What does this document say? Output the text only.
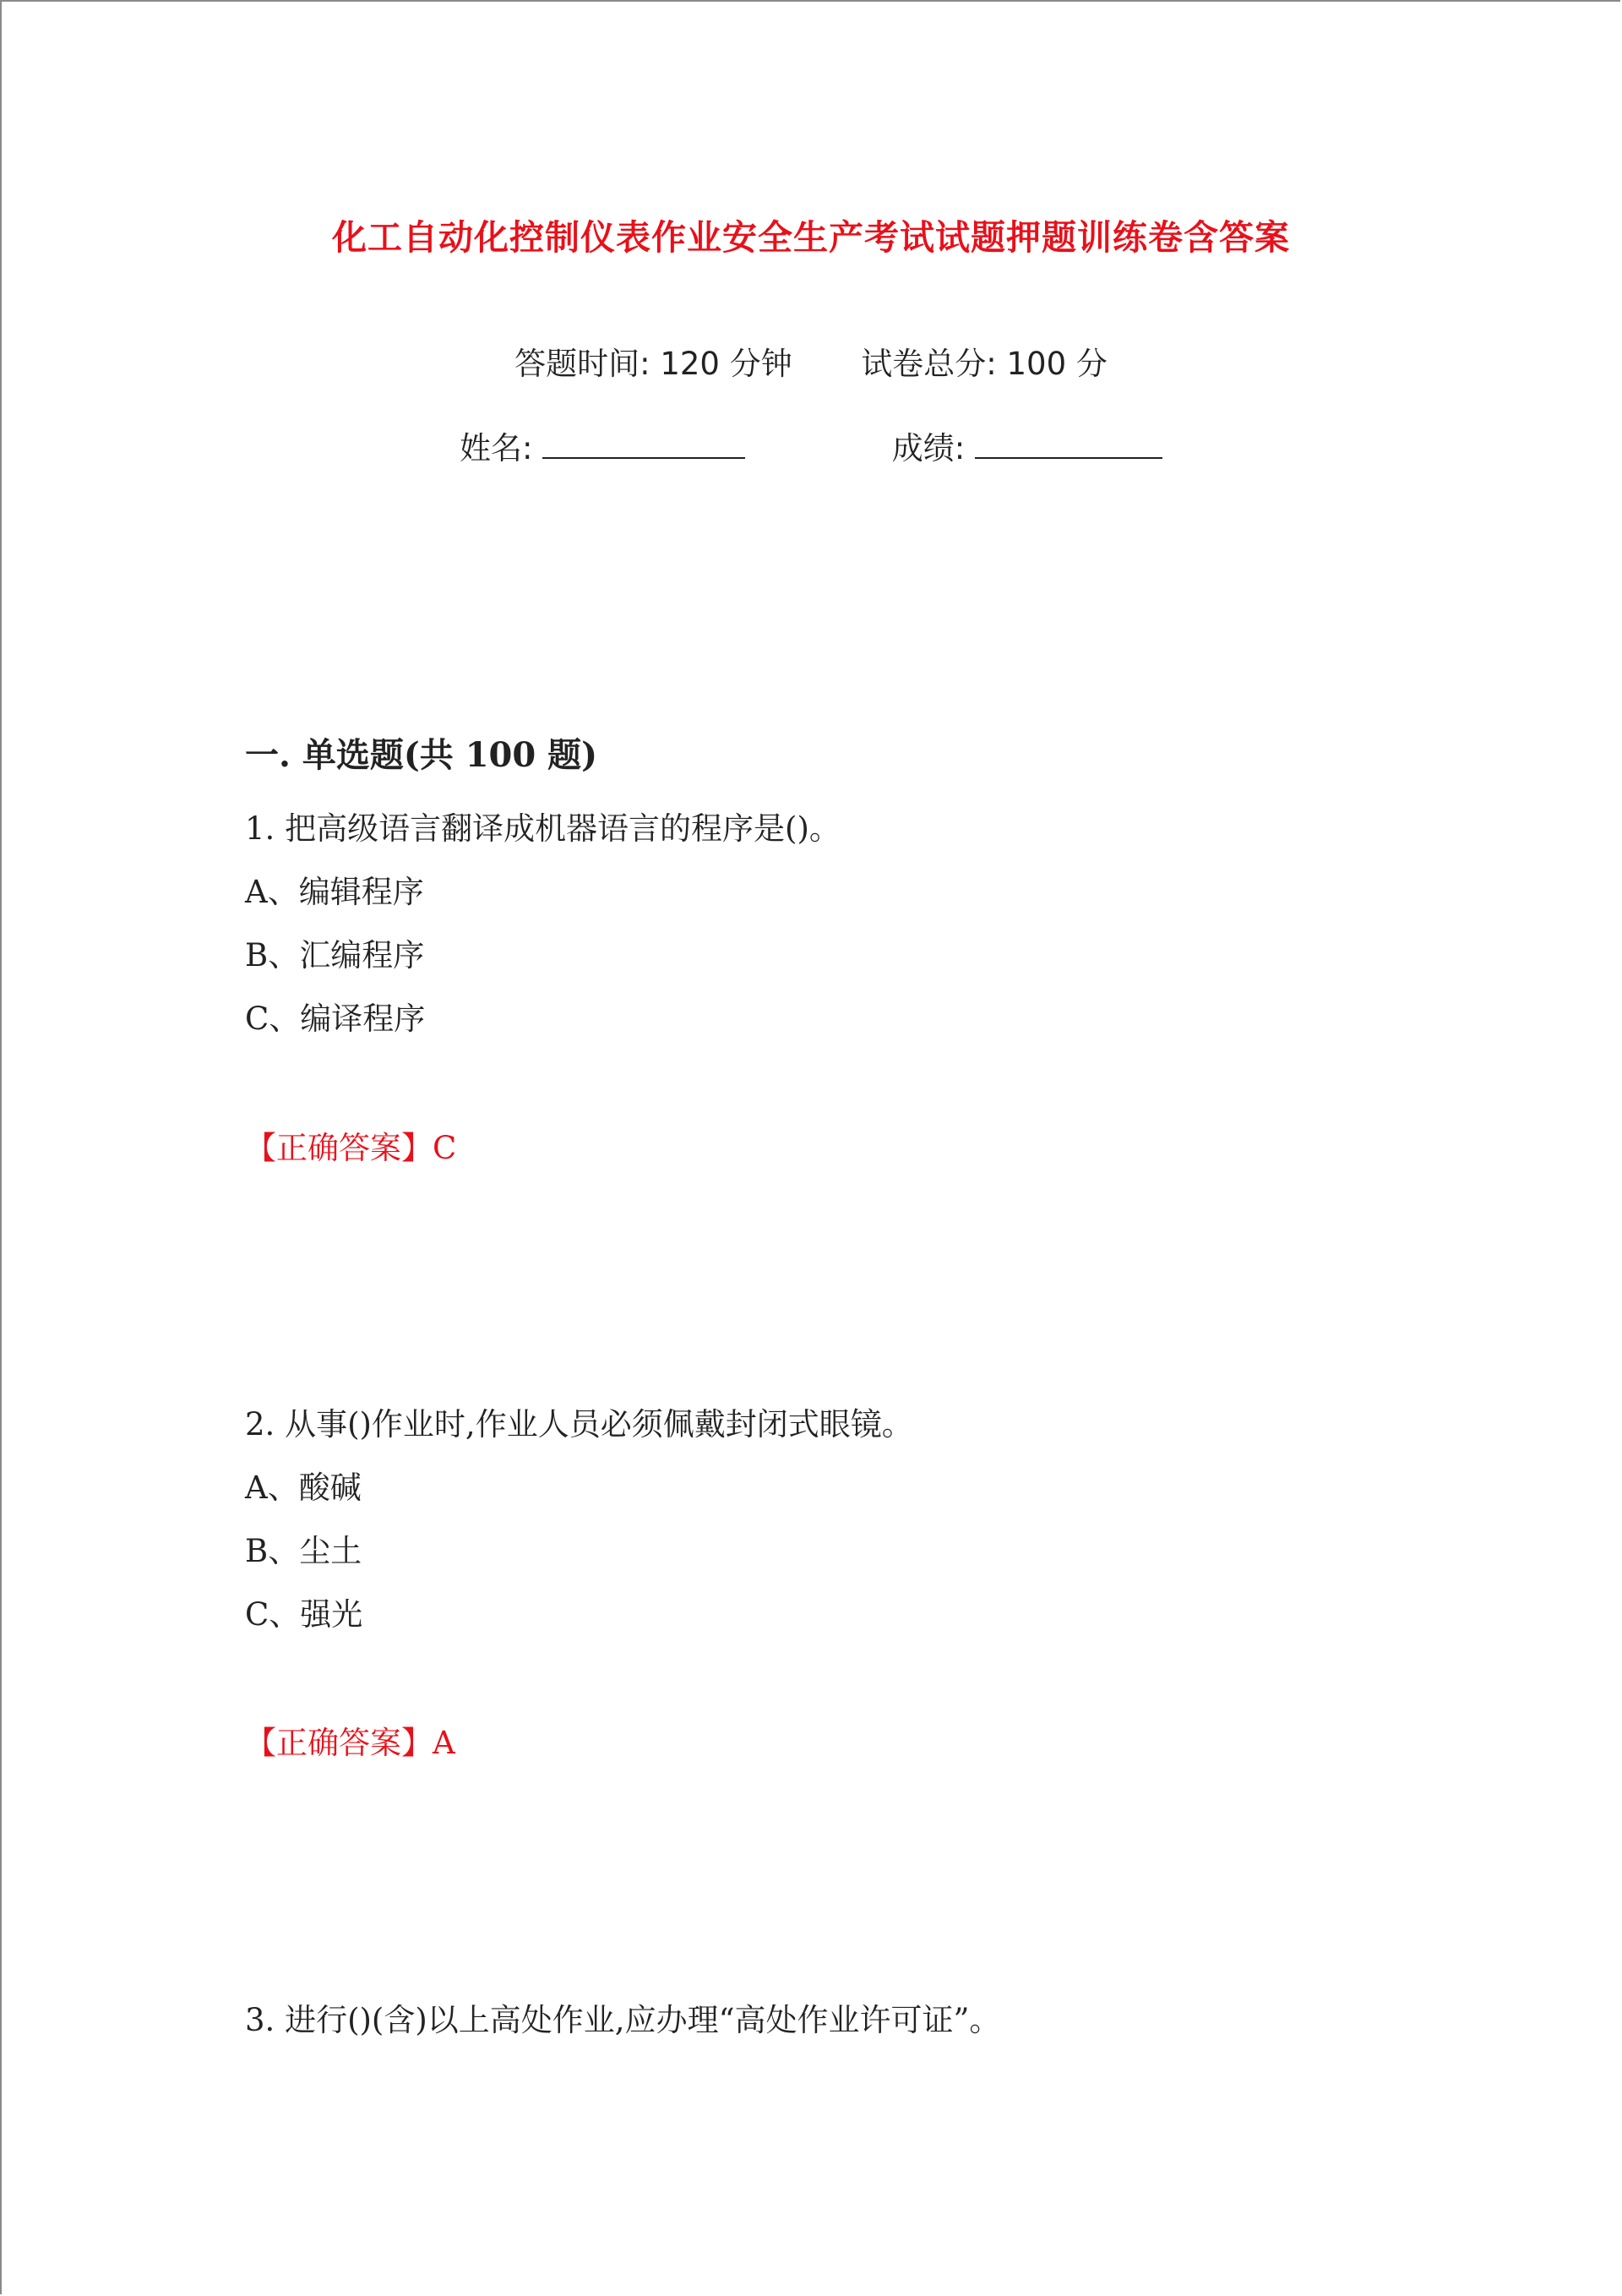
化工自动化控制仪表作业安全生产考试试题押题训练卷含答案
答题时间: 120 分钟 试卷总分: 100 分
姓名:	成绩:
一. 单选题(共 100 题)
1. 把高级语言翻译成机器语言的程序是()。
A、编辑程序
B、汇编程序
C、编译程序
【正确答案】C
2. 从事()作业时,作业人员必须佩戴封闭式眼镜。
A、酸碱
B、尘土
C、强光
【正确答案】A
3. 进行()(含)以上高处作业,应办理“高处作业许可证”。
